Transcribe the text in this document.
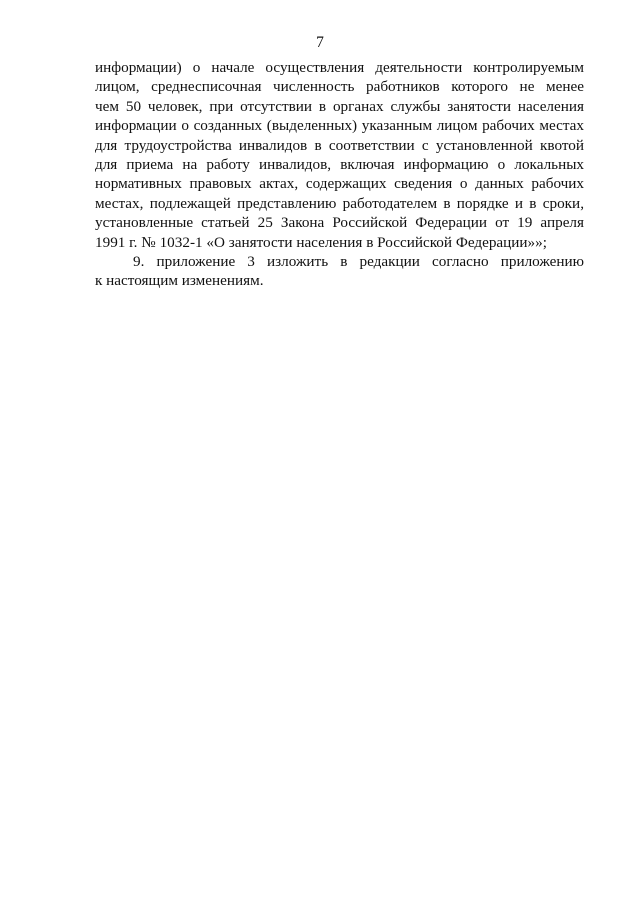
7
информации) о начале осуществления деятельности контролируемым
лицом, среднесписочная численность работников которого не менее
чем 50 человек, при отсутствии в органах службы занятости населения
информации о созданных (выделенных) указанным лицом рабочих местах
для трудоустройства инвалидов в соответствии с установленной квотой
для приема на работу инвалидов, включая информацию о локальных
нормативных правовых актах, содержащих сведения о данных рабочих
местах, подлежащей представлению работодателем в порядке и в сроки,
установленные статьей 25 Закона Российской Федерации от 19 апреля
1991 г. № 1032-1 «О занятости населения в Российской Федерации»»;
9. приложение 3 изложить в редакции согласно приложению
к настоящим изменениям.
